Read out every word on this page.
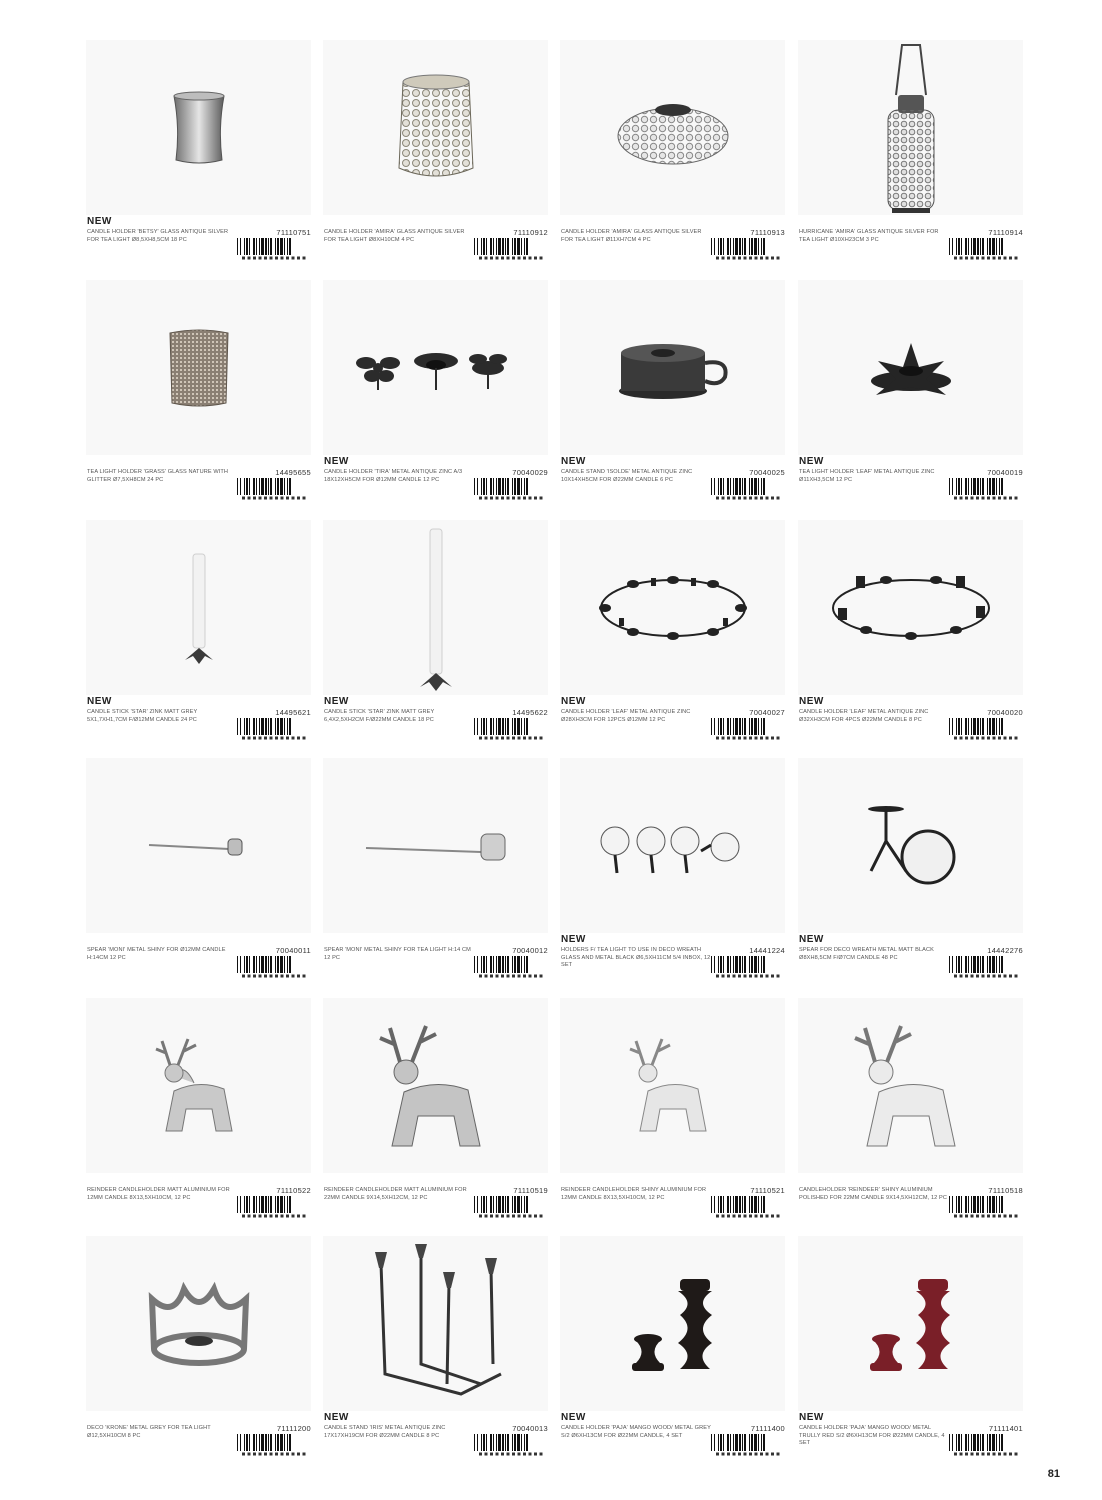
NEW
CANDLE HOLDER 'BETSY' GLASS ANTIQUE SILVER FOR TEA LIGHT Ø8,5XH8,5CM 18 PC
71110751 CANDLE HOLDER 'AMIRA' GLASS ANTIQUE SILVER FOR TEA LIGHT Ø8XH10CM 4 PC
71110912 CANDLE HOLDER 'AMIRA' GLASS ANTIQUE SILVER FOR TEA LIGHT Ø11XH7CM 4 PC
71110913	HURRICANE 'AMIRA' GLASS ANTIQUE SILVER FOR TEA LIGHT Ø10XH23CM 3 PC
71110914
TEA LIGHT HOLDER 'GRASS' GLASS NATURE WITH GLITTER Ø7,5XH8CM 24 PC
14495655
NEW
CANDLE HOLDER 'TIRA' METAL ANTIQUE ZINC A/3 18X12XH5CM FOR Ø12MM CANDLE 12 PC
70040029
NEW
CANDLE STAND 'ISOLDE' METAL ANTIQUE ZINC 10X14XH5CM FOR Ø22MM CANDLE 6 PC
70040025
NEW
TEA LIGHT HOLDER 'LEAF' METAL ANTIQUE ZINC Ø11XH3,5CM 12 PC
70040019
NEW
CANDLE STICK 'STAR' ZINK MATT GREY 5X1,7XH1,7CM F/Ø12MM CANDLE 24 PC
14495621
NEW
CANDLE STICK 'STAR' ZINK MATT GREY 6,4X2,5XH2CM F/Ø22MM CANDLE 18 PC
14495622
NEW
CANDLE HOLDER 'LEAF' METAL ANTIQUE ZINC Ø28XH3CM FOR 12PCS Ø12MM 12 PC
70040027
NEW
CANDLE HOLDER 'LEAF' METAL ANTIQUE ZINC Ø32XH3CM FOR 4PCS Ø22MM CANDLE 8 PC
70040020
SPEAR 'MONI' METAL SHINY FOR Ø12MM CANDLE H:14CM 12 PC
70040011 SPEAR 'MONI' METAL SHINY FOR TEA LIGHT H:14 CM 12 PC
70040012
NEW
HOLDERS F/ TEA LIGHT TO USE IN DECO WREATH GLASS AND METAL BLACK Ø6,5XH11CM 5/4 INBOX, 12 SET
14441224
NEW
SPEAR FOR DECO WREATH METAL MATT BLACK Ø8XH8,5CM F/Ø7CM CANDLE 48 PC
14442276
REINDEER CANDLEHOLDER MATT ALUMINIUM FOR 12MM CANDLE 8X13,5XH10CM, 12 PC
71110522 REINDEER CANDLEHOLDER MATT ALUMINIUM FOR 22MM CANDLE 9X14,5XH12CM, 12 PC
71110519 REINDEER CANDLEHOLDER SHINY ALUMINIUM FOR 12MM CANDLE 8X13,5XH10CM, 12 PC
71110521	CANDLEHOLDER 'REINDEER' SHINY ALUMINIUM POLISHED FOR 22MM CANDLE 9X14,5XH12CM, 12 PC
71110518
DECO 'KRONE' METAL GREY FOR TEA LIGHT Ø12,5XH10CM 8 PC
71111200
NEW
CANDLE STAND 'IRIS' METAL ANTIQUE ZINC 17X17XH19CM FOR Ø22MM CANDLE 8 PC
70040013
NEW
CANDLE HOLDER 'PAJA' MANGO WOOD/ METAL GREY S/2 Ø6XH13CM FOR Ø22MM CANDLE, 4 SET
71111400
NEW
CANDLE HOLDER 'PAJA' MANGO WOOD/ METAL TRULLY RED S/2 Ø6XH13CM FOR Ø22MM CANDLE, 4 SET
71111401
81
